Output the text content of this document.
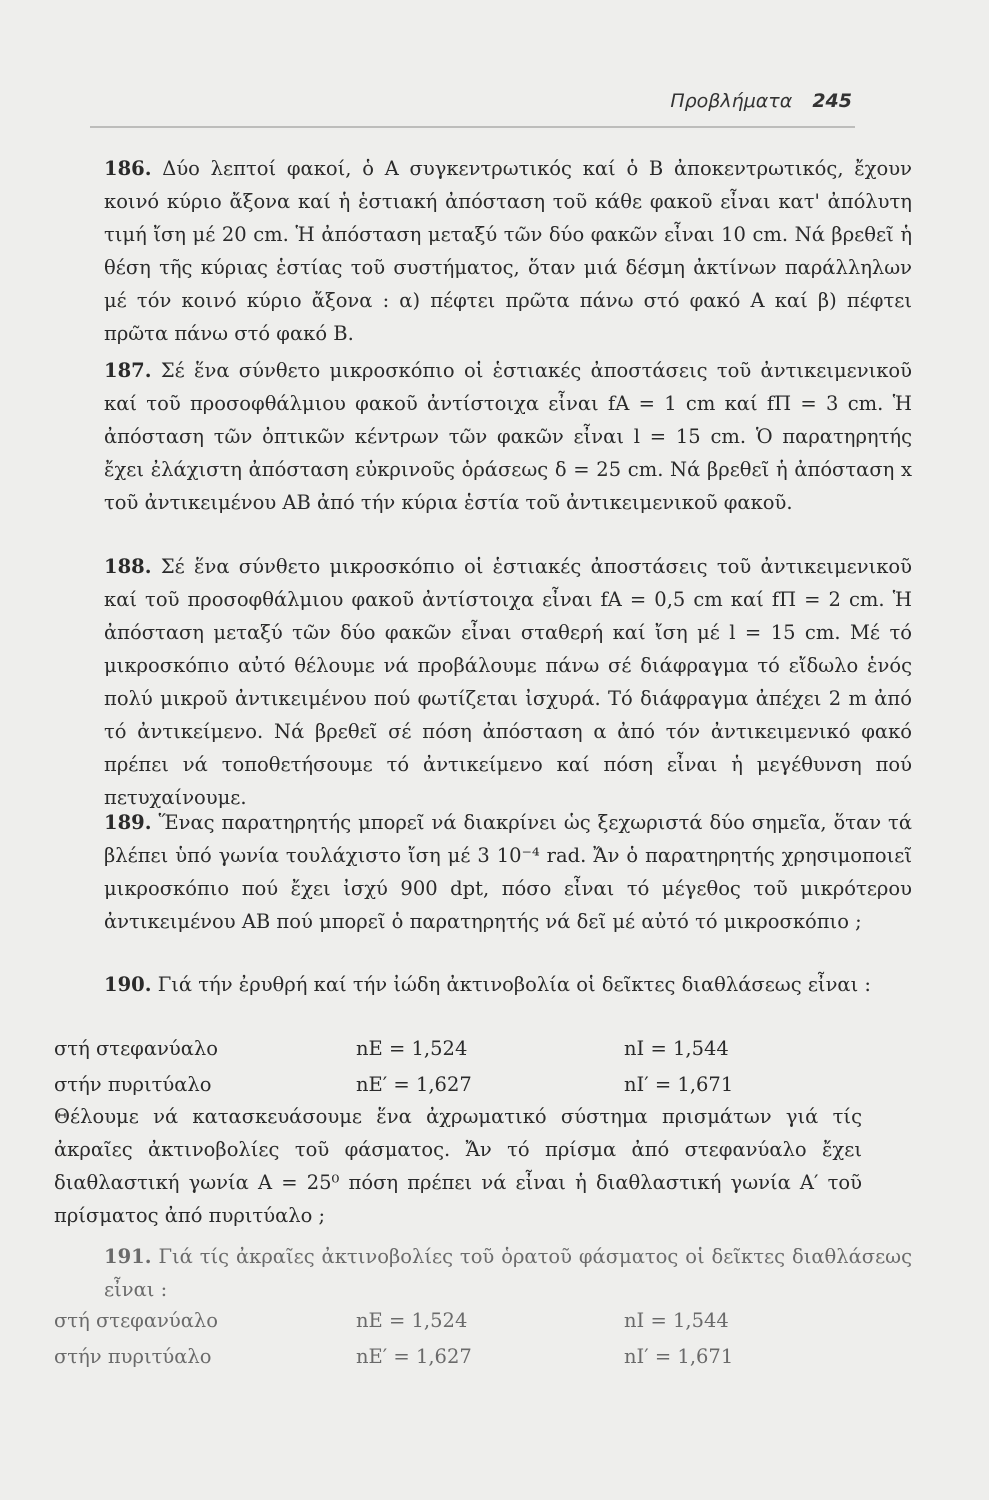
Προβλήματα 245
186. Δύο λεπτοί φακοί, ὁ Α συγκεντρωτικός καί ὁ Β ἀποκεντρωτικός, ἔχουν κοινό κύριο ἄξονα καί ἡ ἑστιακή ἀπόσταση τοῦ κάθε φακοῦ εἶναι κατ' ἀπόλυτη τιμή ἴση μέ 20 cm. Ἡ ἀπόσταση μεταξύ τῶν δύο φακῶν εἶναι 10 cm. Νά βρεθεῖ ἡ θέση τῆς κύριας ἑστίας τοῦ συστήματος, ὅταν μιά δέσμη ἀκτίνων παράλληλων μέ τόν κοινό κύριο ἄξονα : α) πέφτει πρῶτα πάνω στό φακό Α καί β) πέφτει πρῶτα πάνω στό φακό Β.
187. Σέ ἕνα σύνθετο μικροσκόπιο οἱ ἑστιακές ἀποστάσεις τοῦ ἀντικειμενικοῦ καί τοῦ προσοφθάλμιου φακοῦ ἀντίστοιχα εἶναι fA = 1 cm καί fΠ = 3 cm. Ἡ ἀπόσταση τῶν ὀπτικῶν κέντρων τῶν φακῶν εἶναι l = 15 cm. Ὁ παρατηρητής ἔχει ἐλάχιστη ἀπόσταση εὐκρινοῦς ὁράσεως δ = 25 cm. Νά βρεθεῖ ἡ ἀπόσταση x τοῦ ἀντικειμένου ΑΒ ἀπό τήν κύρια ἑστία τοῦ ἀντικειμενικοῦ φακοῦ.
188. Σέ ἕνα σύνθετο μικροσκόπιο οἱ ἑστιακές ἀποστάσεις τοῦ ἀντικειμενικοῦ καί τοῦ προσοφθάλμιου φακοῦ ἀντίστοιχα εἶναι fA = 0,5 cm καί fΠ = 2 cm. Ἡ ἀπόσταση μεταξύ τῶν δύο φακῶν εἶναι σταθερή καί ἴση μέ l = 15 cm. Μέ τό μικροσκόπιο αὐτό θέλουμε νά προβάλουμε πάνω σέ διάφραγμα τό εἴδωλο ἑνός πολύ μικροῦ ἀντικειμένου πού φωτίζεται ἰσχυρά. Τό διάφραγμα ἀπέχει 2 m ἀπό τό ἀντικείμενο. Νά βρεθεῖ σέ πόση ἀπόσταση α ἀπό τόν ἀντικειμενικό φακό πρέπει νά τοποθετήσουμε τό ἀντικείμενο καί πόση εἶναι ἡ μεγέθυνση πού πετυχαίνουμε.
189. Ἕνας παρατηρητής μπορεῖ νά διακρίνει ὡς ξεχωριστά δύο σημεῖα, ὅταν τά βλέπει ὑπό γωνία τουλάχιστο ἴση μέ 3 10⁻⁴ rad. Ἄν ὁ παρατηρητής χρησιμοποιεῖ μικροσκόπιο πού ἔχει ἰσχύ 900 dpt, πόσο εἶναι τό μέγεθος τοῦ μικρότερου ἀντικειμένου ΑΒ πού μπορεῖ ὁ παρατηρητής νά δεῖ μέ αὐτό τό μικροσκόπιο ;
190. Γιά τήν ἐρυθρή καί τήν ἰώδη ἀκτινοβολία οἱ δεῖκτες διαθλάσεως εἶναι :
στή στεφανύαλο	nE = 1,524	nI = 1,544
στήν πυριτύαλο	nE′ = 1,627	nI′ = 1,671
Θέλουμε νά κατασκευάσουμε ἕνα ἀχρωματικό σύστημα πρισμάτων γιά τίς ἀκραῖες ἀκτινοβολίες τοῦ φάσματος. Ἄν τό πρίσμα ἀπό στεφανύαλο ἔχει διαθλαστική γωνία Α = 25⁰ πόση πρέπει νά εἶναι ἡ διαθλαστική γωνία Α′ τοῦ πρίσματος ἀπό πυριτύαλο ;
191. Γιά τίς ἀκραῖες ἀκτινοβολίες τοῦ ὁρατοῦ φάσματος οἱ δεῖκτες διαθλάσεως εἶναι :
στή στεφανύαλο	nE = 1,524	nI = 1,544
στήν πυριτύαλο	nE′ = 1,627	nI′ = 1,671
